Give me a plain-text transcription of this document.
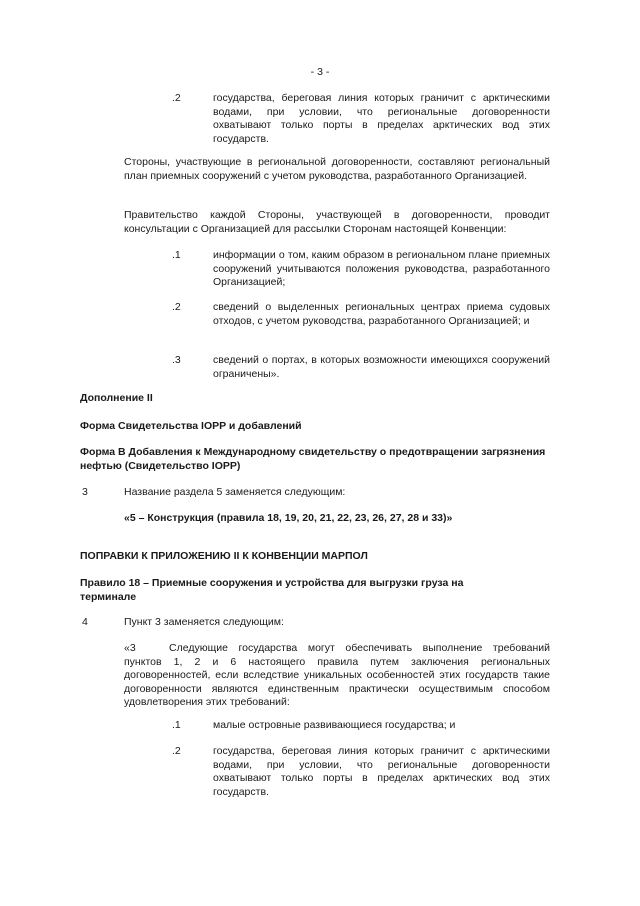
- 3 -
.2	государства, береговая линия которых граничит с арктическими водами, при условии, что региональные договоренности охватывают только порты в пределах арктических вод этих государств.
Стороны, участвующие в региональной договоренности, составляют региональный план приемных сооружений с учетом руководства, разработанного Организацией.
Правительство каждой Стороны, участвующей в договоренности, проводит консультации с Организацией для рассылки Сторонам настоящей Конвенции:
.1	информации о том, каким образом в региональном плане приемных сооружений учитываются положения руководства, разработанного Организацией;
.2	сведений о выделенных региональных центрах приема судовых отходов, с учетом руководства, разработанного Организацией; и
.3	сведений о портах, в которых возможности имеющихся сооружений ограничены».
Дополнение II
Форма Свидетельства IOPP и добавлений
Форма В Добавления к Международному свидетельству о предотвращении загрязнения нефтью (Свидетельство IOPP)
3	Название раздела 5 заменяется следующим:
«5 – Конструкция (правила 18, 19, 20, 21, 22, 23, 26, 27, 28 и 33)»
ПОПРАВКИ К ПРИЛОЖЕНИЮ II К КОНВЕНЦИИ МАРПОЛ
Правило 18 – Приемные сооружения и устройства для выгрузки груза на терминале
4	Пункт 3 заменяется следующим:
«3	Следующие государства могут обеспечивать выполнение требований пунктов 1, 2 и 6 настоящего правила путем заключения региональных договоренностей, если вследствие уникальных особенностей этих государств такие договоренности являются единственным практически осуществимым способом удовлетворения этих требований:
.1	малые островные развивающиеся государства; и
.2	государства, береговая линия которых граничит с арктическими водами, при условии, что региональные договоренности охватывают только порты в пределах арктических вод этих государств.
